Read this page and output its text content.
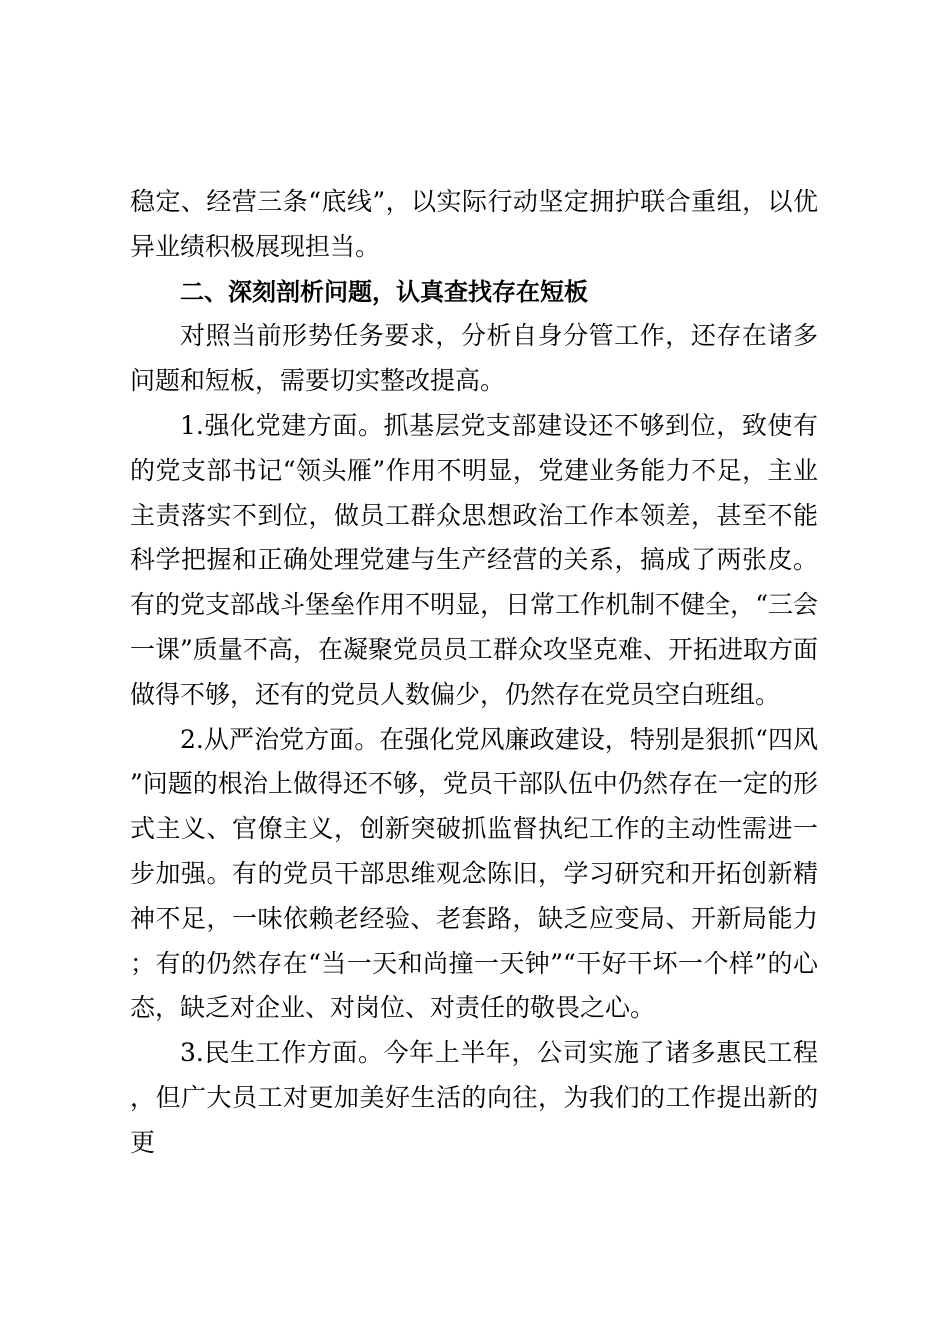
稳定、经营三条“底线”，以实际行动坚定拥护联合重组，以优异业绩积极展现担当。

二、深刻剖析问题，认真查找存在短板

对照当前形势任务要求，分析自身分管工作，还存在诸多问题和短板，需要切实整改提高。

1.强化党建方面。抓基层党支部建设还不够到位，致使有的党支部书记“领头雁”作用不明显，党建业务能力不足，主业主责落实不到位，做员工群众思想政治工作本领差，甚至不能科学把握和正确处理党建与生产经营的关系，搞成了两张皮。有的党支部战斗堡垒作用不明显，日常工作机制不健全，“三会一课”质量不高，在凝聚党员员工群众攻坚克难、开拓进取方面做得不够，还有的党员人数偏少，仍然存在党员空白班组。

2.从严治党方面。在强化党风廉政建设，特别是狠抓“四风”问题的根治上做得还不够，党员干部队伍中仍然存在一定的形式主义、官僚主义，创新突破抓监督执纪工作的主动性需进一步加强。有的党员干部思维观念陈旧，学习研究和开拓创新精神不足，一味依赖老经验、老套路，缺乏应变局、开新局能力；有的仍然存在“当一天和尚撞一天钟”“干好干坏一个样”的心态，缺乏对企业、对岗位、对责任的敬畏之心。

3.民生工作方面。今年上半年，公司实施了诸多惠民工程，但广大员工对更加美好生活的向往，为我们的工作提出新的更
